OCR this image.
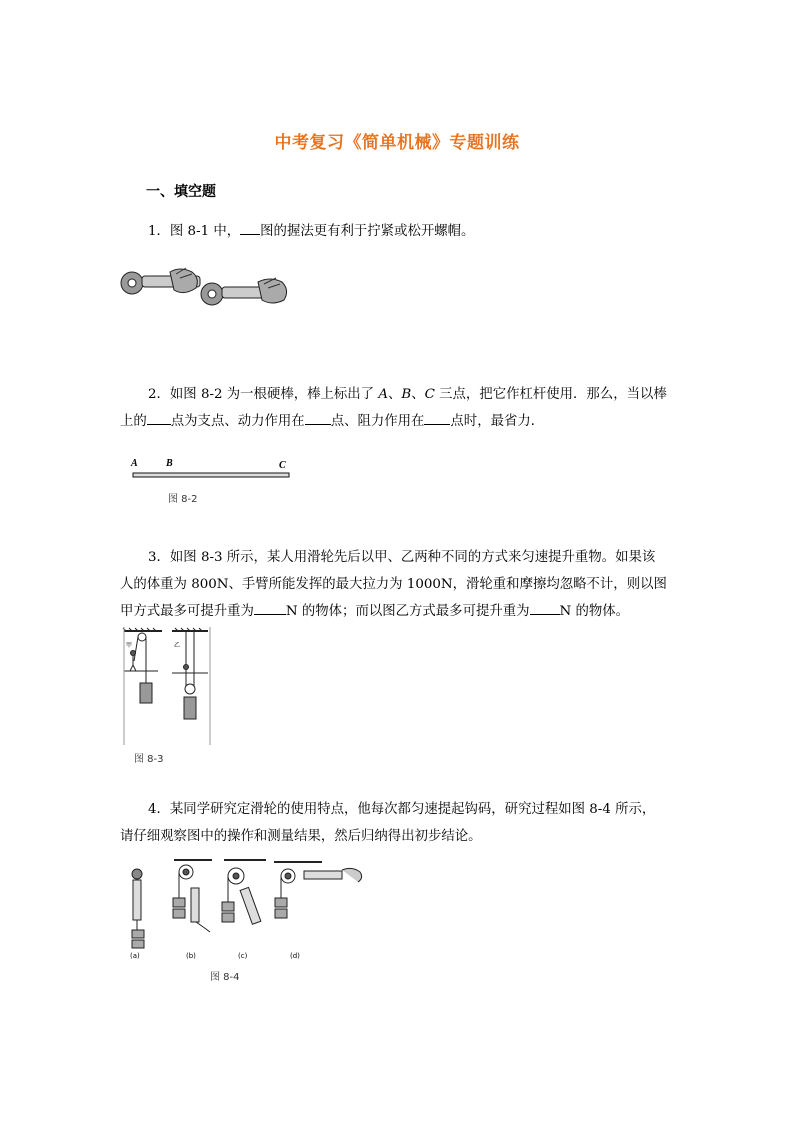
中考复习《简单机械》专题训练
一、填空题
1．图 8-1 中， 图的握法更有利于拧紧或松开螺帽。
2．如图 8-2 为一根硬棒，棒上标出了 A、B、C 三点，把它作杠杆使用．那么，当以棒上的 点为支点、动力作用在 点、阻力作用在 点时，最省力．
A	B	C
图 8-2
3．如图 8-3 所示，某人用滑轮先后以甲、乙两种不同的方式来匀速提升重物。如果该人的体重为 800N、手臂所能发挥的最大拉力为 1000N，滑轮重和摩擦均忽略不计，则以图甲方式最多可提升重为 N 的物体；而以图乙方式最多可提升重为 N 的物体。
甲	乙
图 8-3
4．某同学研究定滑轮的使用特点，他每次都匀速提起钩码，研究过程如图 8-4 所示，请仔细观察图中的操作和测量结果，然后归纳得出初步结论。
(a)	(b)	(c)	(d)
图 8-4
